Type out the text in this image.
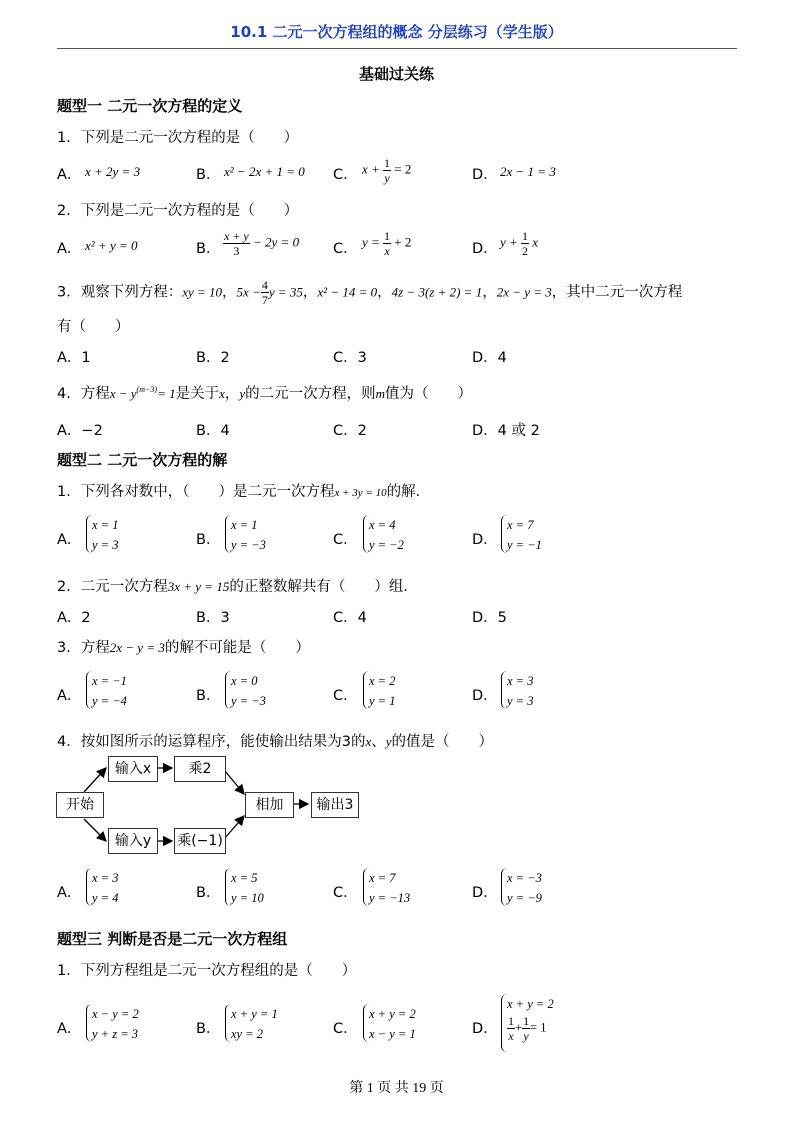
10.1 二元一次方程组的概念 分层练习（学生版）
基础过关练
题型一 二元一次方程的定义
1．下列是二元一次方程的是（　　）
A． x + 2y = 3	B． x² − 2x + 1 = 0 C． $x + \frac{1}{y} = 2$	D． 2x − 1 = 3
2．下列是二元一次方程的是（　　）
A． x² + y = 0	B． $\frac{x + y}{3} - 2y = 0$ C． $y = \frac{1}{x} + 2$	D． $y + \frac{1}{2}$ x
3．观察下列方程：xy = 10，$5x - \frac{4}{7}$ y = 35，x² − 14 = 0，4z − 3(z + 2) = 1，2x − y = 3，其中二元一次方程
有（　　）
A．1	B．2	C．3	D．4
4．方程$x - y^{(m-3)}= 1$是关于x，y的二元一次方程，则m值为（　　）
A．−2	B．4	C．2	D．4 或 2
题型二 二元一次方程的解
1．下列各对数中，（　　）是二元一次方程x + 3y = 10的解．
A．
x = 1
y = 3	B．
x = 1
y = −3	C．
x = 4
y = −2	D．
x = 7
y = −1
2．二元一次方程3x + y = 15的正整数解共有（　　）组．
A．2	B．3	C．4	D．5
3．方程2x − y = 3的解不可能是（　　）
A．
x = −1
y = −4	B．
x = 0
y = −3	C．
x = 2
y = 1	D．
x = 3
y = 3
4．按如图所示的运算程序，能使输出结果为3的x、y的值是（　　）
开始
输入x	乘2
输入y	乘(−1)
相加	输出3
A．
x = 3
y = 4	B．
x = 5
y = 10	C．
x = 7
y = −13	D．
x = −3
y = −9
题型三 判断是否是二元一次方程组
1．下列方程组是二元一次方程组的是（　　）
A．
x − y = 2
y + z = 3	B．
x + y = 1
xy = 2	C．
x + y = 2
x − y = 1	D．
x + y = 2
$\frac{1}{x} + \frac{1}{y} = 1$
第 1 页 共 19 页
